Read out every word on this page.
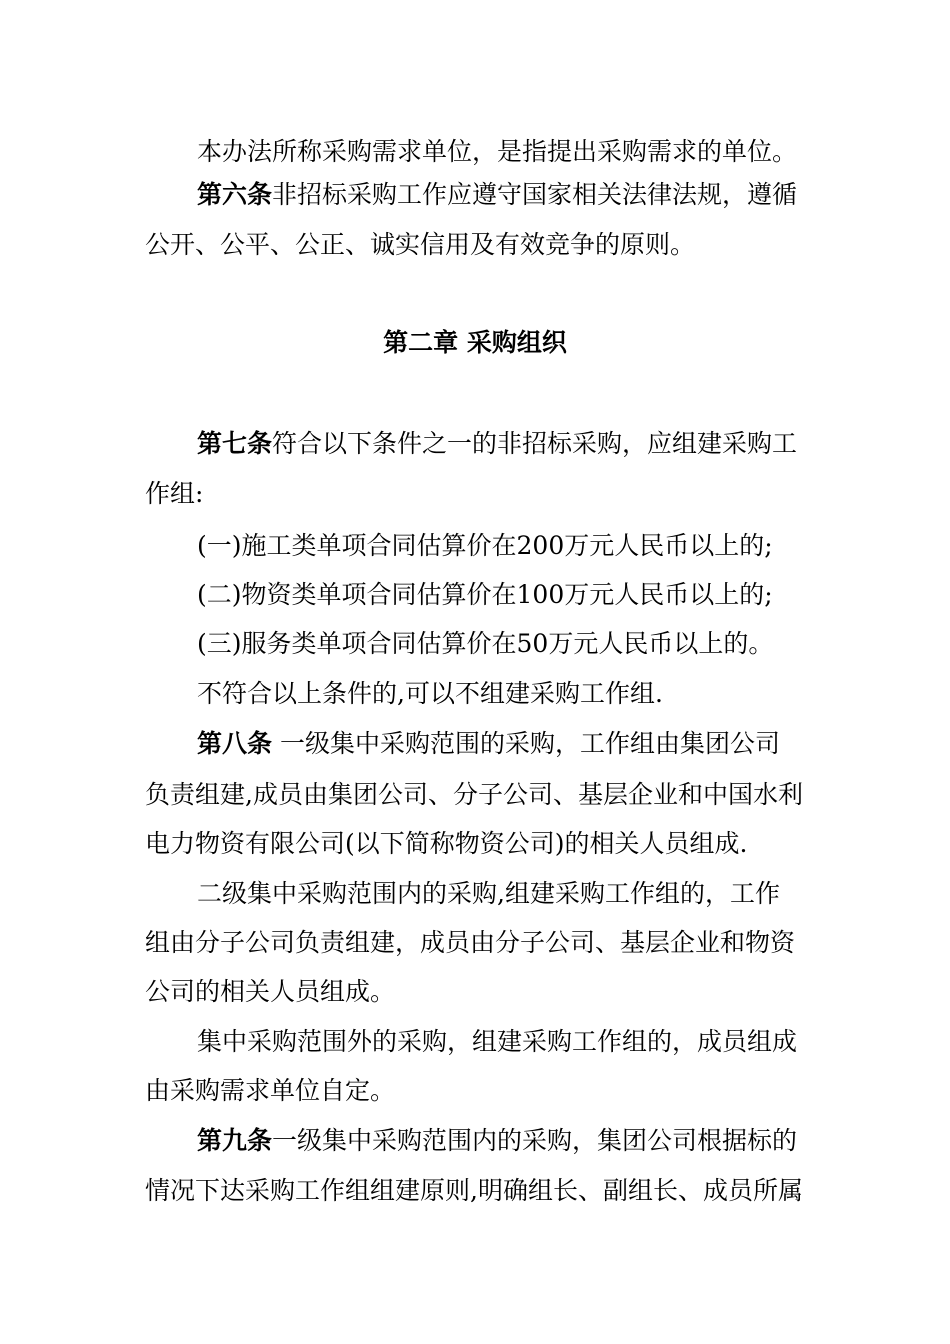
本办法所称采购需求单位，是指提出采购需求的单位。
第六条非招标采购工作应遵守国家相关法律法规，遵循
公开、公平、公正、诚实信用及有效竞争的原则。
第二章 采购组织
第七条符合以下条件之一的非招标采购，应组建采购工
作组:
(一)施工类单项合同估算价在200万元人民币以上的;
(二)物资类单项合同估算价在100万元人民币以上的;
(三)服务类单项合同估算价在50万元人民币以上的。
不符合以上条件的,可以不组建采购工作组.
第八条 一级集中采购范围的采购，工作组由集团公司
负责组建,成员由集团公司、分子公司、基层企业和中国水利
电力物资有限公司(以下简称物资公司)的相关人员组成.
二级集中采购范围内的采购,组建采购工作组的，工作
组由分子公司负责组建，成员由分子公司、基层企业和物资
公司的相关人员组成。
集中采购范围外的采购，组建采购工作组的，成员组成
由采购需求单位自定。
第九条一级集中采购范围内的采购，集团公司根据标的
情况下达采购工作组组建原则,明确组长、副组长、成员所属
